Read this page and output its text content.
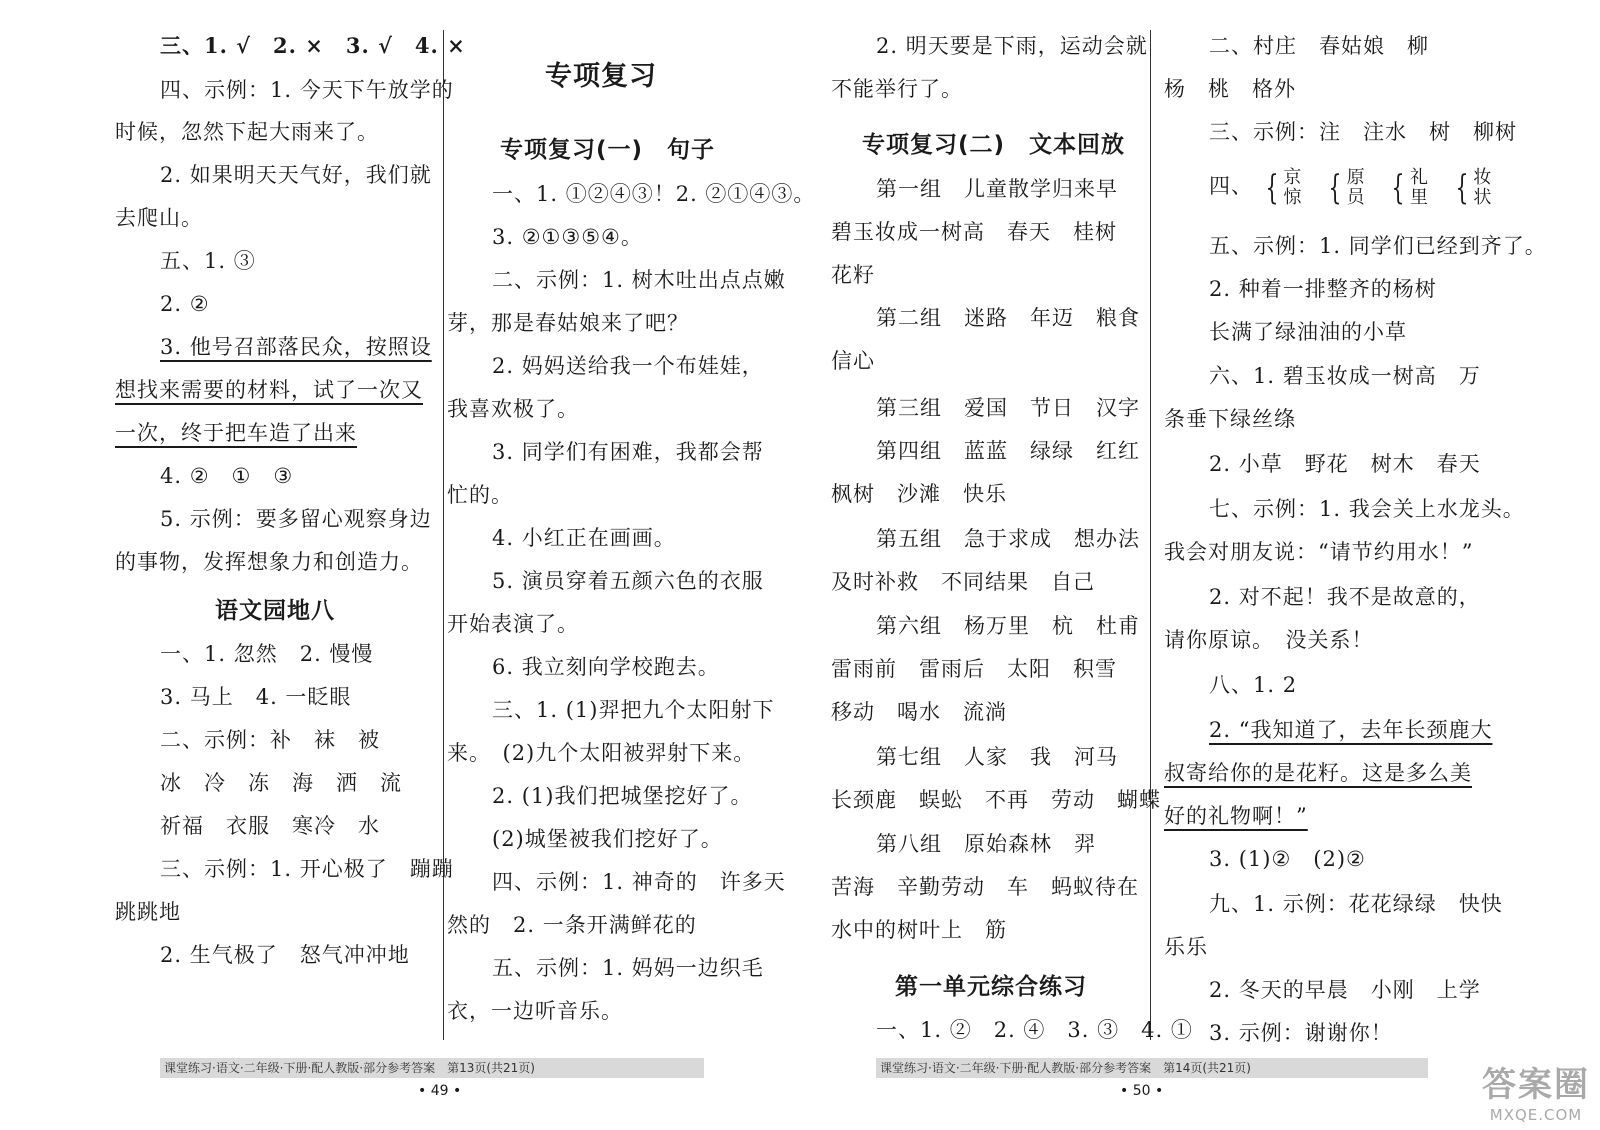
三、1. √　2. ×　3. √　4. ×
四、示例：1. 今天下午放学的
时候，忽然下起大雨来了。
2. 如果明天天气好，我们就
去爬山。
五、1. ③
2. ②
3. 他号召部落民众，按照设
想找来需要的材料，试了一次又
一次，终于把车造了出来
4. ②　①　③
5. 示例：要多留心观察身边
的事物，发挥想象力和创造力。
语文园地八
一、1. 忽然　2. 慢慢
3. 马上　4. 一眨眼
二、示例：补　袜　被
冰　冷　冻　海　洒　流
祈福　衣服　寒冷　水
三、示例：1. 开心极了　蹦蹦
跳跳地
2. 生气极了　怒气冲冲地
专项复习
专项复习(一)　句子
一、1. ①②④③！2. ②①④③。
3. ②①③⑤④。
二、示例：1. 树木吐出点点嫩
芽，那是春姑娘来了吧？
2. 妈妈送给我一个布娃娃，
我喜欢极了。
3. 同学们有困难，我都会帮
忙的。
4. 小红正在画画。
5. 演员穿着五颜六色的衣服
开始表演了。
6. 我立刻向学校跑去。
三、1. (1)羿把九个太阳射下
来。　(2)九个太阳被羿射下来。
2. (1)我们把城堡挖好了。
(2)城堡被我们挖好了。
四、示例：1. 神奇的　许多天
然的　2. 一条开满鲜花的
五、示例：1. 妈妈一边织毛
衣，一边听音乐。
2. 明天要是下雨，运动会就
不能举行了。
专项复习(二)　文本回放
第一组　儿童散学归来早
碧玉妆成一树高　春天　桂树
花籽
第二组　迷路　年迈　粮食
信心
第三组　爱国　节日　汉字
第四组　蓝蓝　绿绿　红红
枫树　沙滩　快乐
第五组　急于求成　想办法
及时补救　不同结果　自己
第六组　杨万里　杭　杜甫
雷雨前　雷雨后　太阳　积雪
移动　喝水　流淌
第七组　人家　我　河马
长颈鹿　蜈蚣　不再　劳动　蝴蝶
第八组　原始森林　羿
苦海　辛勤劳动　车　蚂蚁待在
水中的树叶上　筋
第一单元综合练习
一、1. ②　2. ④　3. ③　4. ①
二、村庄　春姑娘　柳
杨　桃　格外
三、示例：注　注水　树　柳树
四、 { 京
惊 { 原
员 { 礼
里 { 妆
状
五、示例：1. 同学们已经到齐了。
2. 种着一排整齐的杨树
长满了绿油油的小草
六、1. 碧玉妆成一树高　万
条垂下绿丝绦
2. 小草　野花　树木　春天
七、示例：1. 我会关上水龙头。
我会对朋友说：“请节约用水！”
2. 对不起！我不是故意的，
请你原谅。　没关系！
八、1. 2
2. “我知道了，去年长颈鹿大
叔寄给你的是花籽。这是多么美
好的礼物啊！”
3. (1)②　(2)②
九、1. 示例：花花绿绿　快快
乐乐
2. 冬天的早晨　小刚　上学
3. 示例：谢谢你！
课堂练习·语文·二年级·下册·配人教版·部分参考答案　第13页(共21页)
• 49 •
课堂练习·语文·二年级·下册·配人教版·部分参考答案　第14页(共21页)
• 50 •	答案圈
MXQE.COM
